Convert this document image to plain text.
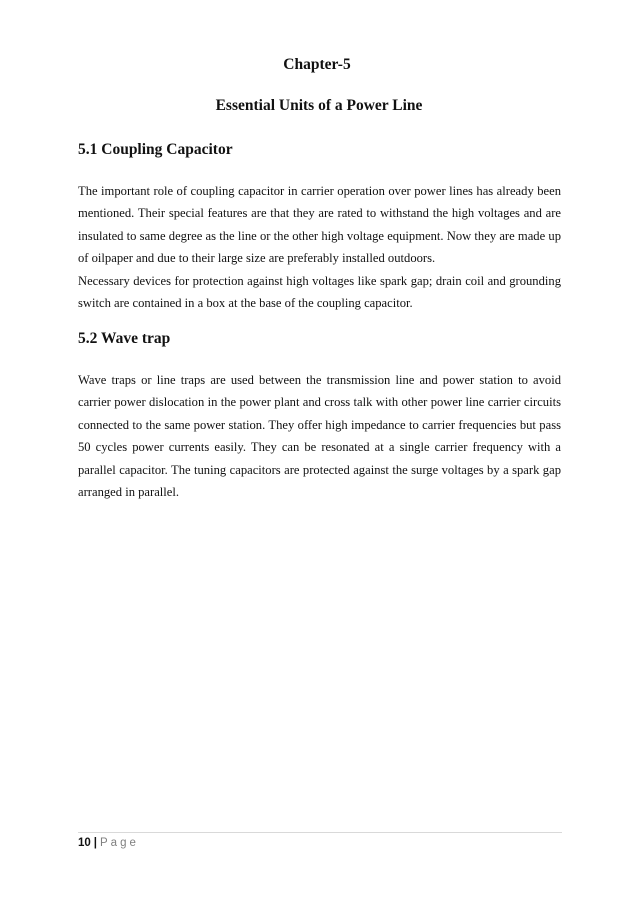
Chapter-5
Essential Units of a Power Line
5.1 Coupling Capacitor

The important role of coupling capacitor in carrier operation over power lines has already been mentioned. Their special features are that they are rated to withstand the high voltages and are insulated to same degree as the line or the other high voltage equipment. Now they are made up of oilpaper and due to their large size are preferably installed outdoors.

Necessary devices for protection against high voltages like spark gap; drain coil and grounding switch are contained in a box at the base of the coupling capacitor.

5.2 Wave trap

Wave traps or line traps are used between the transmission line and power station to avoid carrier power dislocation in the power plant and cross talk with other power line carrier circuits connected to the same power station. They offer high impedance to carrier frequencies but pass 50 cycles power currents easily. They can be resonated at a single carrier frequency with a parallel capacitor. The tuning capacitors are protected against the surge voltages by a spark gap arranged in parallel.

10 | Page
